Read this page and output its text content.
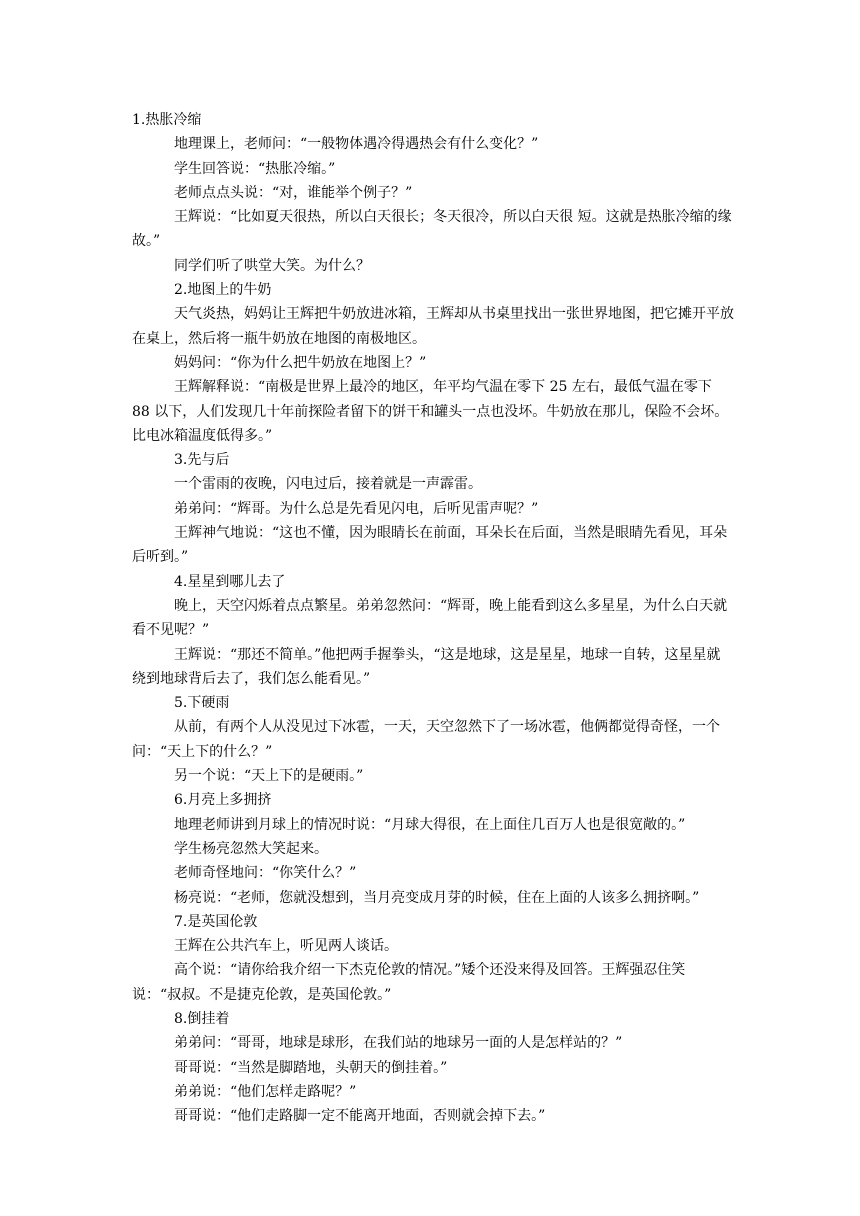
1.热胀冷缩

地理课上，老师问：“一般物体遇冷得遇热会有什么变化？”

学生回答说：“热胀冷缩。”

老师点点头说：“对，谁能举个例子？”

王辉说：“比如夏天很热，所以白天很长；冬天很冷，所以白天很 短。这就是热胀冷缩的缘故。”

同学们听了哄堂大笑。为什么？

2.地图上的牛奶

天气炎热，妈妈让王辉把牛奶放进冰箱，王辉却从书桌里找出一张世界地图，把它摊开平放在桌上，然后将一瓶牛奶放在地图的南极地区。

妈妈问：“你为什么把牛奶放在地图上？”

王辉解释说：“南极是世界上最冷的地区，年平均气温在零下 25 左右，最低气温在零下 88 以下，人们发现几十年前探险者留下的饼干和罐头一点也没坏。牛奶放在那儿，保险不会坏。比电冰箱温度低得多。”

3.先与后

一个雷雨的夜晚，闪电过后，接着就是一声霹雷。

弟弟问：“辉哥。为什么总是先看见闪电，后听见雷声呢？”

王辉神气地说：“这也不懂，因为眼睛长在前面，耳朵长在后面，当然是眼睛先看见，耳朵后听到。”

4.星星到哪儿去了

晚上，天空闪烁着点点繁星。弟弟忽然问：“辉哥，晚上能看到这么多星星，为什么白天就看不见呢？”

王辉说：“那还不简单。”他把两手握拳头，“这是地球，这是星星，地球一自转，这星星就绕到地球背后去了，我们怎么能看见。”

5.下硬雨

从前，有两个人从没见过下冰雹，一天，天空忽然下了一场冰雹，他俩都觉得奇怪，一个问：“天上下的什么？”

另一个说：“天上下的是硬雨。”

6.月亮上多拥挤

地理老师讲到月球上的情况时说：“月球大得很，在上面住几百万人也是很宽敞的。”

学生杨亮忽然大笑起来。

老师奇怪地问：“你笑什么？”

杨亮说：“老师，您就没想到，当月亮变成月芽的时候，住在上面的人该多么拥挤啊。”

7.是英国伦敦

王辉在公共汽车上，听见两人谈话。

高个说：“请你给我介绍一下杰克伦敦的情况。”矮个还没来得及回答。王辉强忍住笑说：“叔叔。不是捷克伦敦，是英国伦敦。”

8.倒挂着

弟弟问：“哥哥，地球是球形，在我们站的地球另一面的人是怎样站的？”

哥哥说：“当然是脚踏地，头朝天的倒挂着。”

弟弟说：“他们怎样走路呢？”

哥哥说：“他们走路脚一定不能离开地面，否则就会掉下去。”
